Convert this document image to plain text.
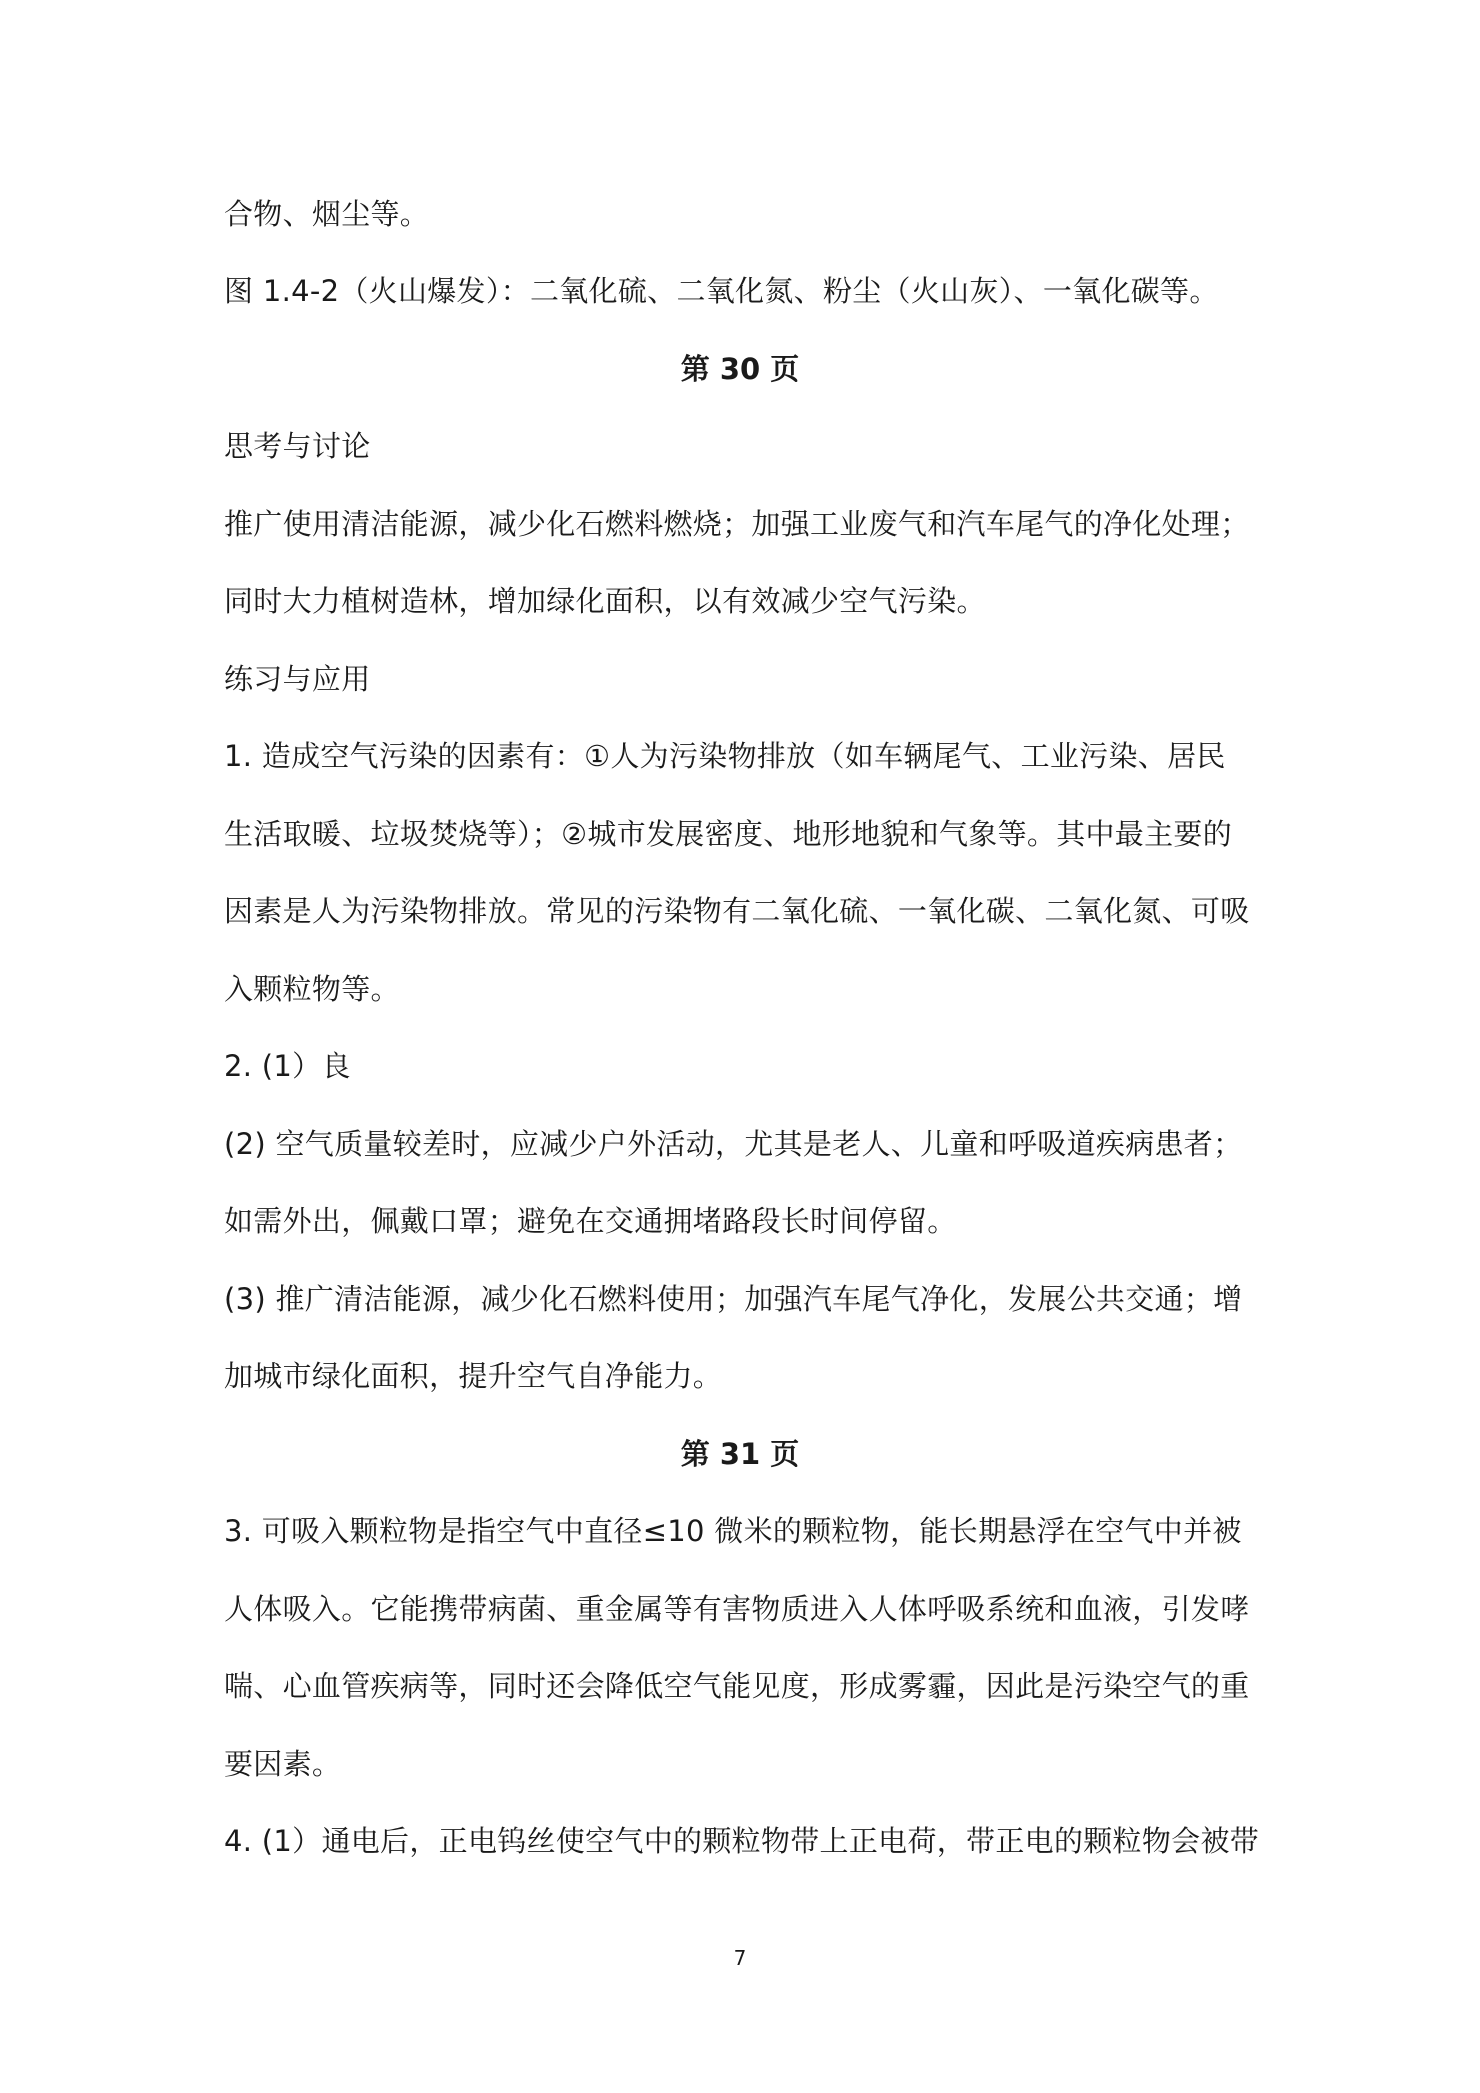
合物、烟尘等。
图 1.4-2（火山爆发）：二氧化硫、二氧化氮、粉尘（火山灰）、一氧化碳等。
第 30 页
思考与讨论
推广使用清洁能源，减少化石燃料燃烧；加强工业废气和汽车尾气的净化处理；
同时大力植树造林，增加绿化面积，以有效减少空气污染。
练习与应用
1. 造成空气污染的因素有：①人为污染物排放（如车辆尾气、工业污染、居民
生活取暖、垃圾焚烧等）；②城市发展密度、地形地貌和气象等。其中最主要的
因素是人为污染物排放。常见的污染物有二氧化硫、一氧化碳、二氧化氮、可吸
入颗粒物等。
2. (1）良
(2) 空气质量较差时，应减少户外活动，尤其是老人、儿童和呼吸道疾病患者；
如需外出，佩戴口罩；避免在交通拥堵路段长时间停留。
(3) 推广清洁能源，减少化石燃料使用；加强汽车尾气净化，发展公共交通；增
加城市绿化面积，提升空气自净能力。
第 31 页
3. 可吸入颗粒物是指空气中直径≤10 微米的颗粒物，能长期悬浮在空气中并被
人体吸入。它能携带病菌、重金属等有害物质进入人体呼吸系统和血液，引发哮
喘、心血管疾病等，同时还会降低空气能见度，形成雾霾，因此是污染空气的重
要因素。
4. (1）通电后，正电钨丝使空气中的颗粒物带上正电荷，带正电的颗粒物会被带
7
